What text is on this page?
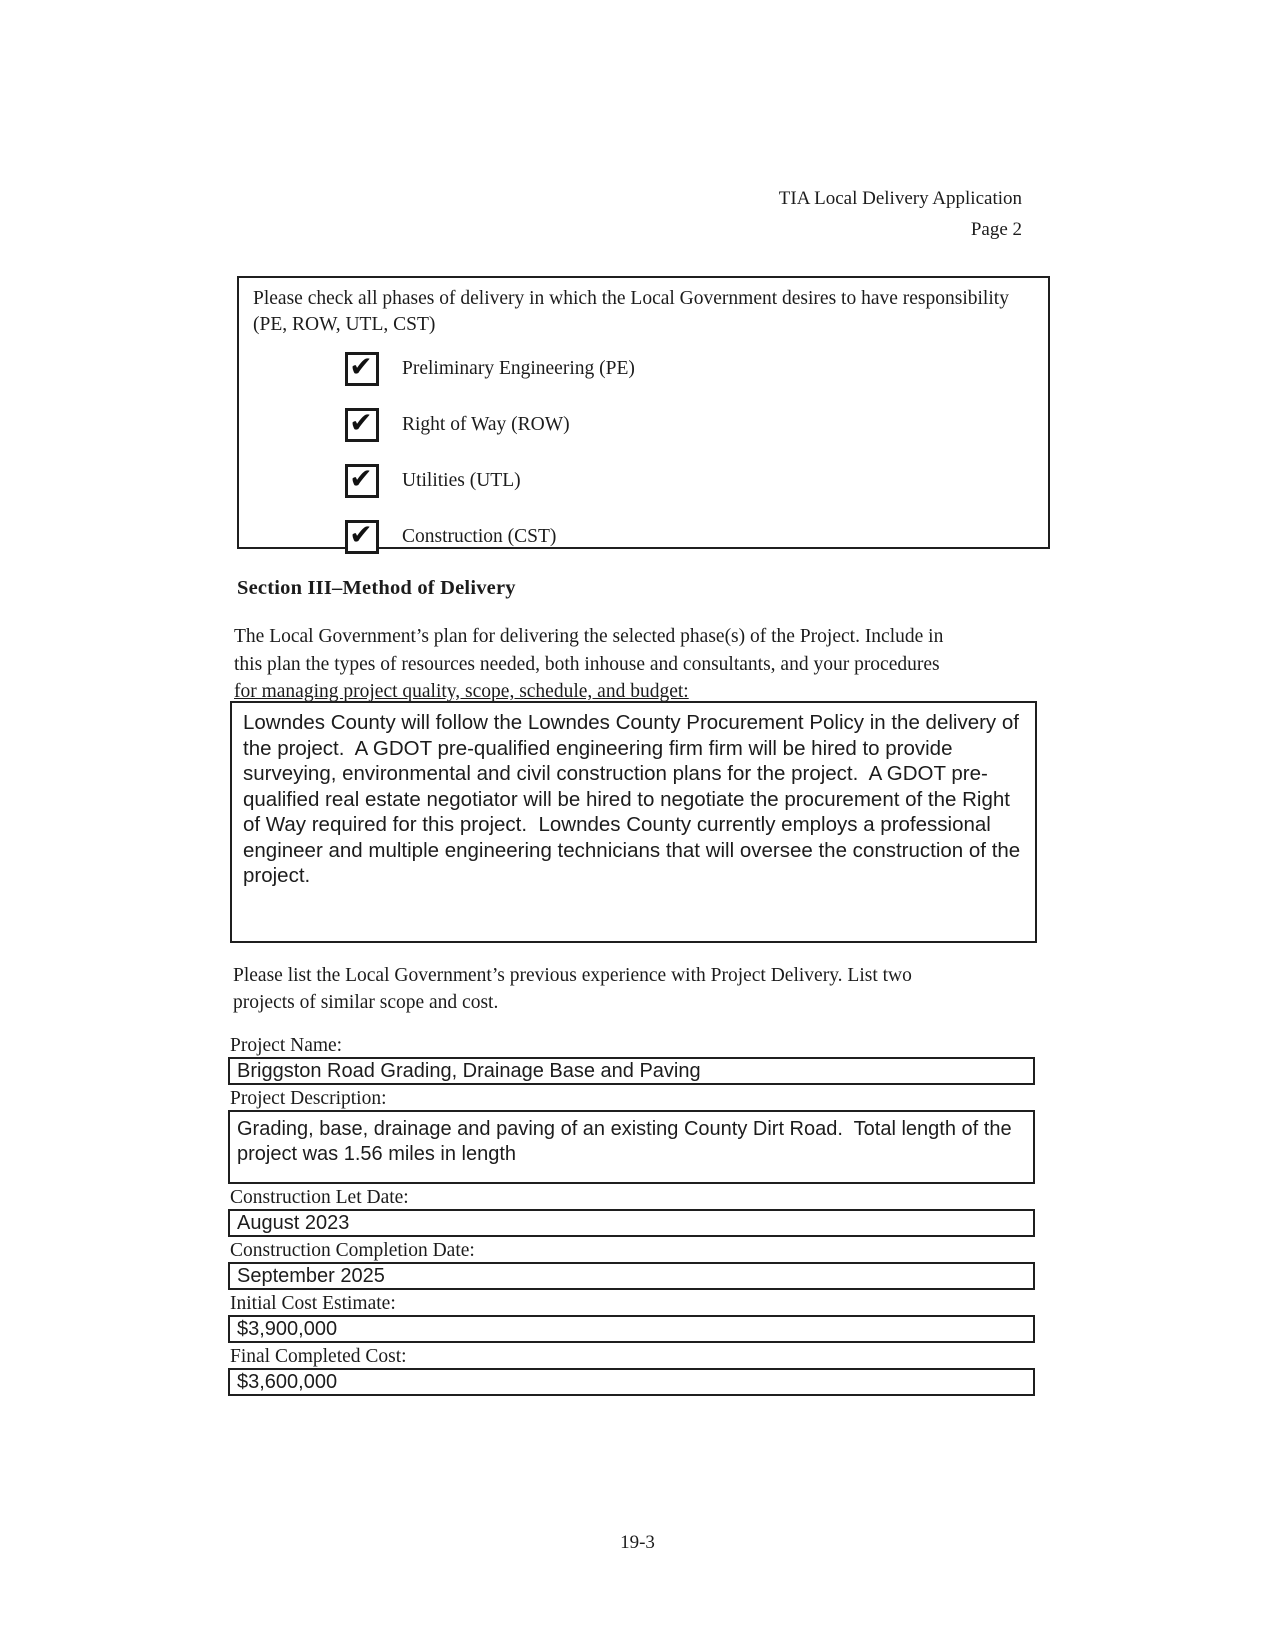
TIA Local Delivery Application
Page 2
Please check all phases of delivery in which the Local Government desires to have responsibility
(PE, ROW, UTL, CST)
✔ Preliminary Engineering (PE)
✔ Right of Way (ROW)
✔ Utilities (UTL)
✔ Construction (CST)
Section III–Method of Delivery
The Local Government’s plan for delivering the selected phase(s) of the Project. Include in
this plan the types of resources needed, both inhouse and consultants, and your procedures
for managing project quality, scope, schedule, and budget:
Lowndes County will follow the Lowndes County Procurement Policy in the delivery of the project.  A GDOT pre-qualified engineering firm firm will be hired to provide surveying, environmental and civil construction plans for the project.  A GDOT pre-qualified real estate negotiator will be hired to negotiate the procurement of the Right of Way required for this project.  Lowndes County currently employs a professional engineer and multiple engineering technicians that will oversee the construction of the project.
Please list the Local Government’s previous experience with Project Delivery. List two
projects of similar scope and cost.
Project Name:
Briggston Road Grading, Drainage Base and Paving
Project Description:
Grading, base, drainage and paving of an existing County Dirt Road.  Total length of the project was 1.56 miles in length
Construction Let Date:
August 2023
Construction Completion Date:
September 2025
Initial Cost Estimate:
$3,900,000
Final Completed Cost:
$3,600,000
19-3
